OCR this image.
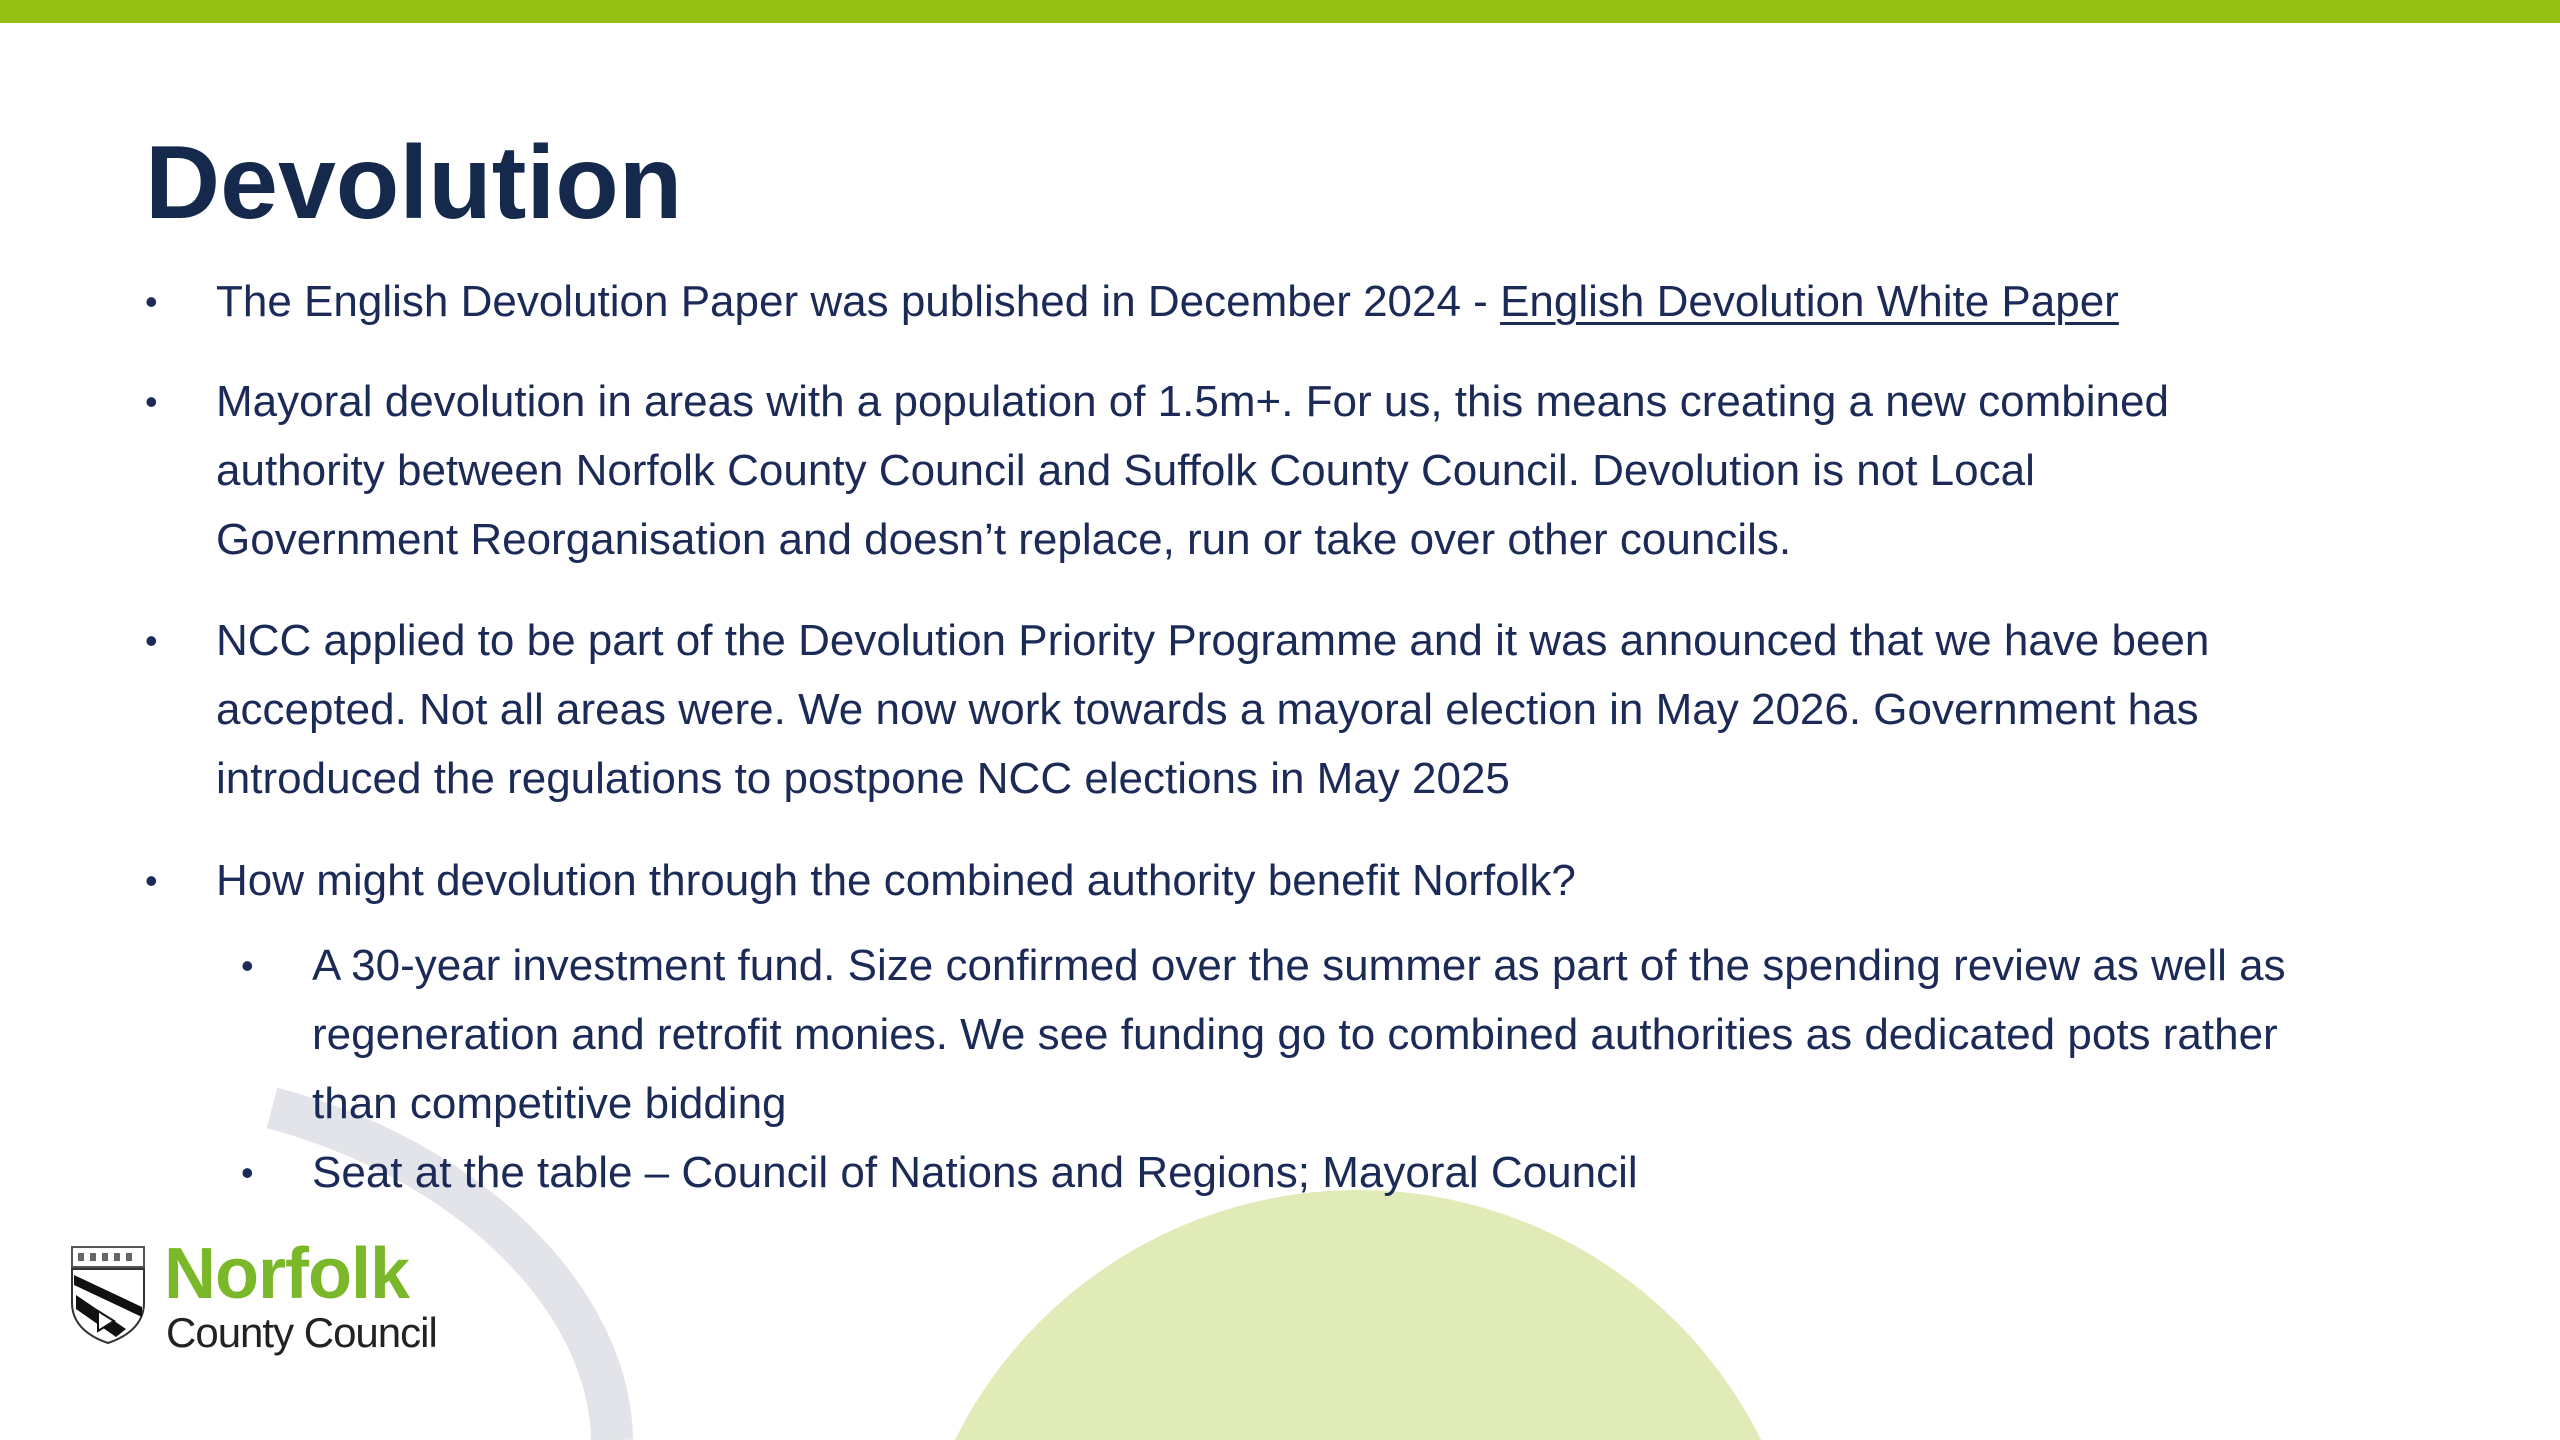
Devolution
• The English Devolution Paper was published in December 2024 - English Devolution White Paper
• Mayoral devolution in areas with a population of 1.5m+. For us, this means creating a new combined
authority between Norfolk County Council and Suffolk County Council. Devolution is not Local
Government Reorganisation and doesn’t replace, run or take over other councils.
• NCC applied to be part of the Devolution Priority Programme and it was announced that we have been
accepted. Not all areas were. We now work towards a mayoral election in May 2026. Government has
introduced the regulations to postpone NCC elections in May 2025
• How might devolution through the combined authority benefit Norfolk?
• A 30-year investment fund. Size confirmed over the summer as part of the spending review as well as
regeneration and retrofit monies. We see funding go to combined authorities as dedicated pots rather
than competitive bidding
• Seat at the table – Council of Nations and Regions; Mayoral Council
Norfolk
County Council
